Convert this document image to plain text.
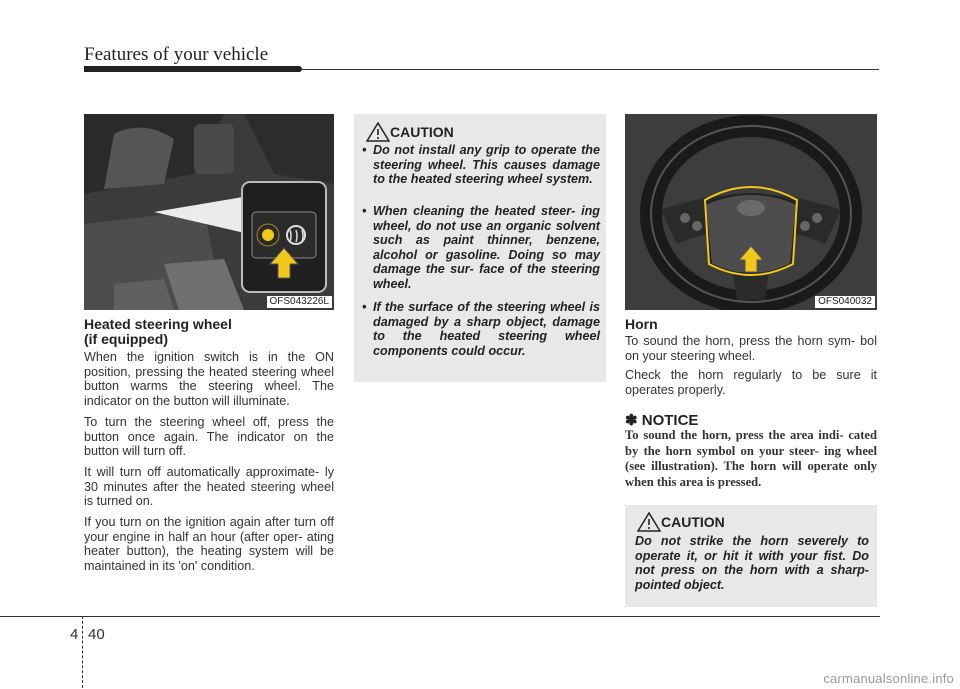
Features of your vehicle
OFS043226L
Heated steering wheel
(if equipped)
When the ignition switch is in the ON position, pressing the heated steering wheel button warms the steering wheel. The indicator on the button will illuminate.
To turn the steering wheel off, press the button once again. The indicator on the button will turn off.
It will turn off automatically approximate- ly 30 minutes after the heated steering wheel is turned on.
If you turn on the ignition again after turn off your engine in half an hour (after oper- ating heater button), the heating system will be maintained in its 'on' condition.
CAUTION
• Do not install any grip to operate the steering wheel. This causes damage to the heated steering wheel system.
• When cleaning the heated steer- ing wheel, do not use an organic solvent such as paint thinner, benzene, alcohol or gasoline. Doing so may damage the sur- face of the steering wheel.
• If the surface of the steering wheel is damaged by a sharp object, damage to the heated steering wheel components could occur.
OFS040032
Horn
To sound the horn, press the horn sym- bol on your steering wheel.
Check the horn regularly to be sure it operates properly.
✽ NOTICE
To sound the horn, press the area indi- cated by the horn symbol on your steer- ing wheel (see illustration). The horn will operate only when this area is pressed.
CAUTION
Do not strike the horn severely to operate it, or hit it with your fist. Do not press on the horn with a sharp- pointed object.
4 40
carmanualsonline.info
